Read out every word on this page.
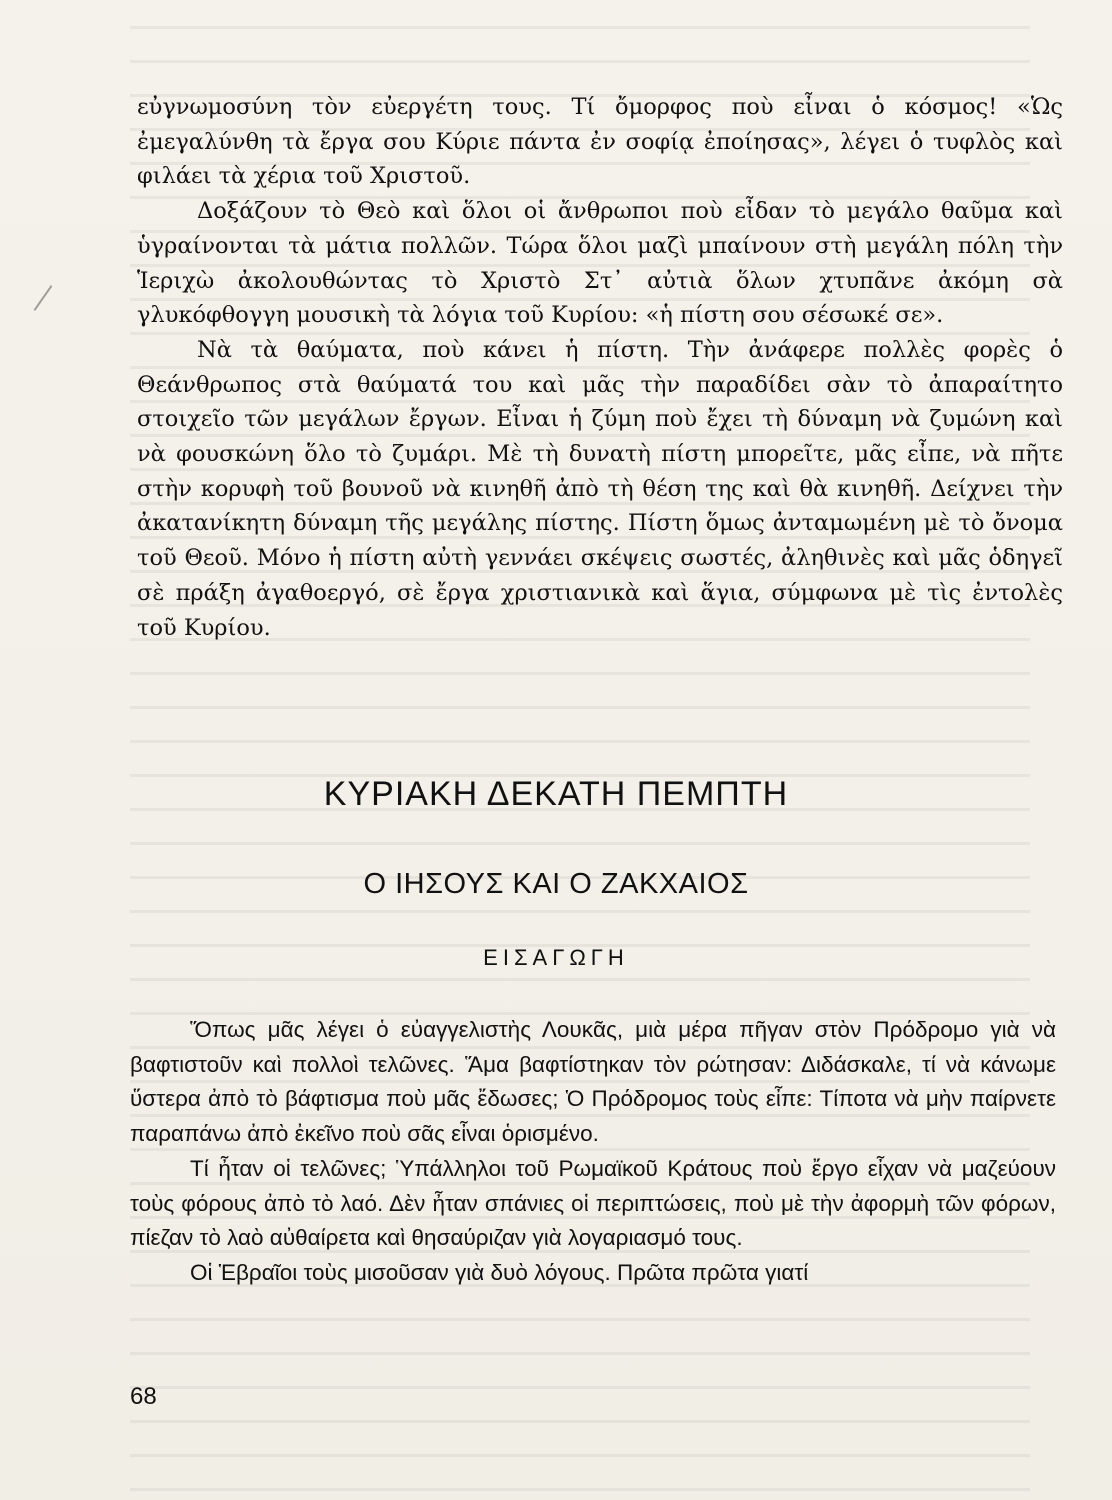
εὐγνωμοσύνη τὸν εὐεργέτη τους. Τί ὄμορφος ποὺ εἶναι ὁ κόσμος! «Ὡς ἐμεγαλύνθη τὰ ἔργα σου Κύριε πάντα ἐν σοφίᾳ ἐποίησας», λέγει ὁ τυφλὸς καὶ φιλάει τὰ χέρια τοῦ Χριστοῦ.

Δοξάζουν τὸ Θεὸ καὶ ὅλοι οἱ ἄνθρωποι ποὺ εἶδαν τὸ μεγάλο θαῦμα καὶ ὑγραίνονται τὰ μάτια πολλῶν. Τώρα ὅλοι μαζὶ μπαίνουν στὴ μεγάλη πόλη τὴν Ἱεριχὼ ἀκολουθώντας τὸ Χριστὸ Στ᾽ αὐτιὰ ὅλων χτυπᾶνε ἀκόμη σὰ γλυκόφθογγη μουσικὴ τὰ λόγια τοῦ Κυρίου: «ἡ πίστη σου σέσωκέ σε».

Νὰ τὰ θαύματα, ποὺ κάνει ἡ πίστη. Τὴν ἀνάφερε πολλὲς φορὲς ὁ Θεάνθρωπος στὰ θαύματά του καὶ μᾶς τὴν παραδίδει σὰν τὸ ἀπαραίτητο στοιχεῖο τῶν μεγάλων ἔργων. Εἶναι ἡ ζύμη ποὺ ἔχει τὴ δύναμη νὰ ζυμώνη καὶ νὰ φουσκώνη ὅλο τὸ ζυμάρι. Μὲ τὴ δυνατὴ πίστη μπορεῖτε, μᾶς εἶπε, νὰ πῆτε στὴν κορυφὴ τοῦ βουνοῦ νὰ κινηθῆ ἀπὸ τὴ θέση της καὶ θὰ κινηθῆ. Δείχνει τὴν ἀκατανίκητη δύναμη τῆς μεγάλης πίστης. Πίστη ὅμως ἀνταμωμένη μὲ τὸ ὄνομα τοῦ Θεοῦ. Μόνο ἡ πίστη αὐτὴ γεννάει σκέψεις σωστές, ἀληθινὲς καὶ μᾶς ὁδηγεῖ σὲ πράξη ἀγαθοεργό, σὲ ἔργα χριστιανικὰ καὶ ἅγια, σύμφωνα μὲ τὶς ἐντολὲς τοῦ Κυρίου.

ΚΥΡΙΑΚΗ ΔΕΚΑΤΗ ΠΕΜΠΤΗ
Ο ΙΗΣΟΥΣ ΚΑΙ Ο ΖΑΚΧΑΙΟΣ
ΕΙΣΑΓΩΓΗ

Ὅπως μᾶς λέγει ὁ εὐαγγελιστὴς Λουκᾶς, μιὰ μέρα πῆγαν στὸν Πρόδρομο γιὰ νὰ βαφτιστοῦν καὶ πολλοὶ τελῶνες. Ἅμα βαφτίστηκαν τὸν ρώτησαν: Διδάσκαλε, τί νὰ κάνωμε ὕστερα ἀπὸ τὸ βάφτισμα ποὺ μᾶς ἔδωσες; Ὁ Πρόδρομος τοὺς εἶπε: Τίποτα νὰ μὴν παίρνετε παραπάνω ἀπὸ ἐκεῖνο ποὺ σᾶς εἶναι ὁρισμένο.

Τί ἦταν οἱ τελῶνες; Ὑπάλληλοι τοῦ Ρωμαϊκοῦ Κράτους ποὺ ἔργο εἶχαν νὰ μαζεύουν τοὺς φόρους ἀπὸ τὸ λαό. Δὲν ἦταν σπάνιες οἱ περιπτώσεις, ποὺ μὲ τὴν ἀφορμὴ τῶν φόρων, πίεζαν τὸ λαὸ αὐθαίρετα καὶ θησαύριζαν γιὰ λογαριασμό τους.

Οἱ Ἑβραῖοι τοὺς μισοῦσαν γιὰ δυὸ λόγους. Πρῶτα πρῶτα γιατί

68
